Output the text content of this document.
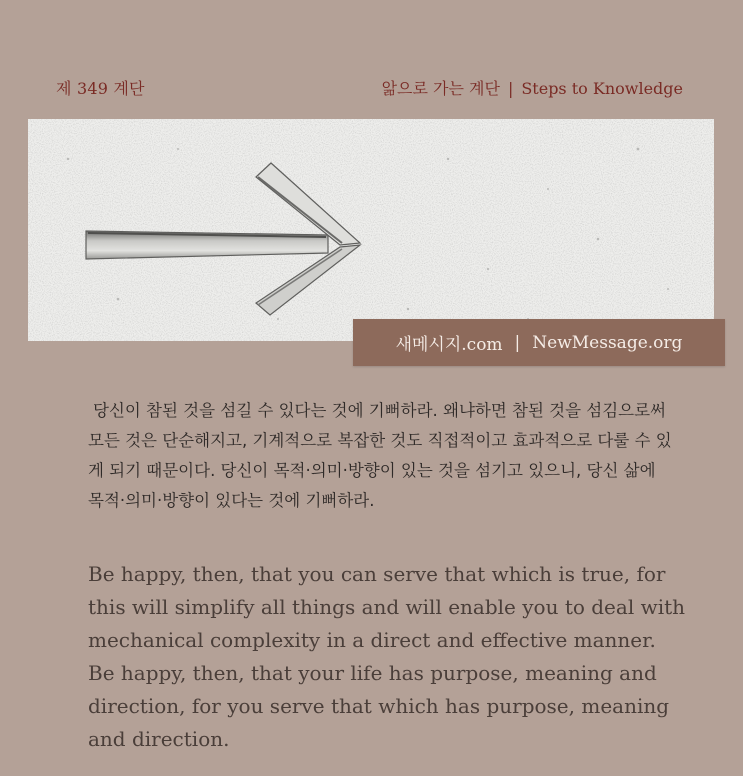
제 349 계단	앎으로 가는 계단 | Steps to Knowledge
새메시지.com | NewMessage.org
당신이 참된 것을 섬길 수 있다는 것에 기뻐하라. 왜냐하면 참된 것을 섬김으로써 모든 것은 단순해지고, 기계적으로 복잡한 것도 직접적이고 효과적으로 다룰 수 있게 되기 때문이다. 당신이 목적·의미·방향이 있는 것을 섬기고 있으니, 당신 삶에 목적·의미·방향이 있다는 것에 기뻐하라.
Be happy, then, that you can serve that which is true, for this will simplify all things and will enable you to deal with mechanical complexity in a direct and effective manner. Be happy, then, that your life has purpose, meaning and direction, for you serve that which has purpose, meaning and direction.
